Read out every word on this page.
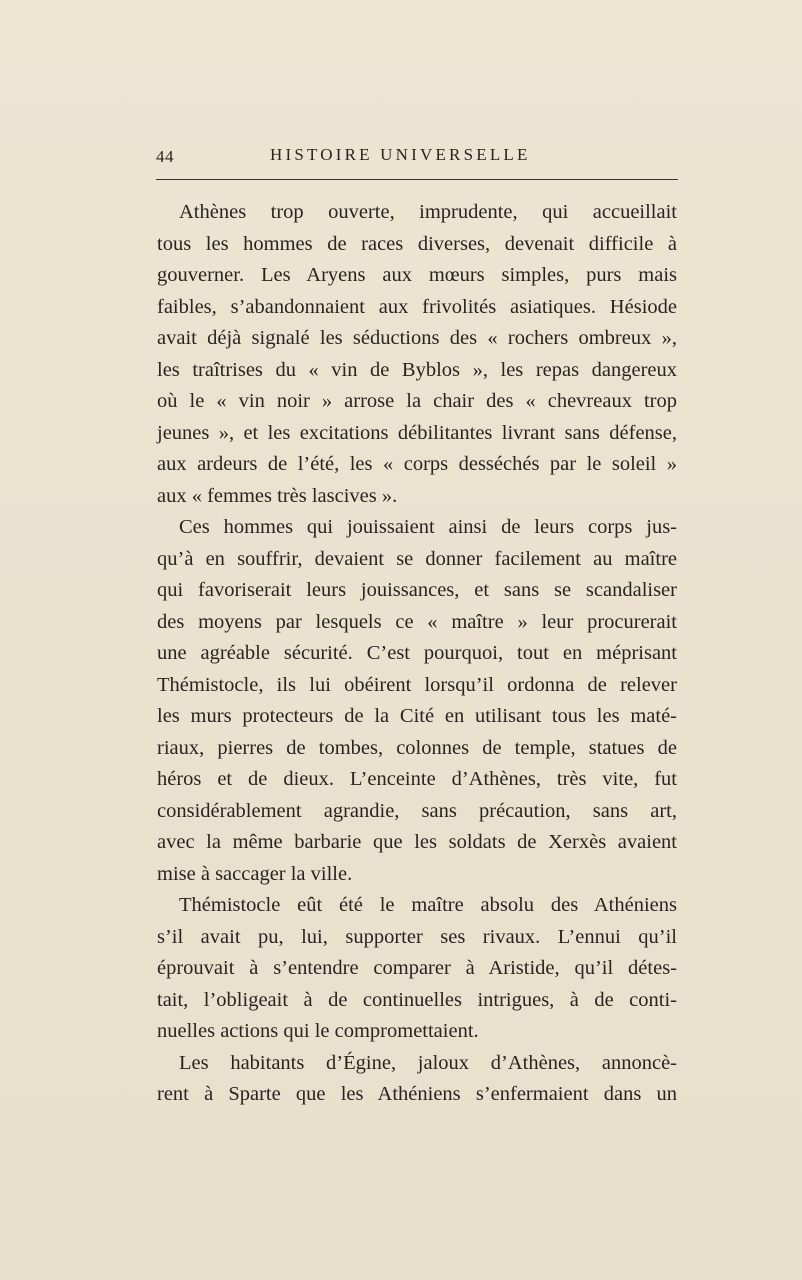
44	HISTOIRE UNIVERSELLE
Athènes trop ouverte, imprudente, qui accueillait
tous les hommes de races diverses, devenait difficile à
gouverner. Les Aryens aux mœurs simples, purs mais
faibles, s’abandonnaient aux frivolités asiatiques. Hésiode
avait déjà signalé les séductions des « rochers ombreux »,
les traîtrises du « vin de Byblos », les repas dangereux
où le « vin noir » arrose la chair des « chevreaux trop
jeunes », et les excitations débilitantes livrant sans défense,
aux ardeurs de l’été, les « corps desséchés par le soleil »
aux « femmes très lascives ».
Ces hommes qui jouissaient ainsi de leurs corps jus-
qu’à en souffrir, devaient se donner facilement au maître
qui favoriserait leurs jouissances, et sans se scandaliser
des moyens par lesquels ce « maître » leur procurerait
une agréable sécurité. C’est pourquoi, tout en méprisant
Thémistocle, ils lui obéirent lorsqu’il ordonna de relever
les murs protecteurs de la Cité en utilisant tous les maté-
riaux, pierres de tombes, colonnes de temple, statues de
héros et de dieux. L’enceinte d’Athènes, très vite, fut
considérablement agrandie, sans précaution, sans art,
avec la même barbarie que les soldats de Xerxès avaient
mise à saccager la ville.
Thémistocle eût été le maître absolu des Athéniens
s’il avait pu, lui, supporter ses rivaux. L’ennui qu’il
éprouvait à s’entendre comparer à Aristide, qu’il détes-
tait, l’obligeait à de continuelles intrigues, à de conti-
nuelles actions qui le compromettaient.
Les habitants d’Égine, jaloux d’Athènes, annoncè-
rent à Sparte que les Athéniens s’enfermaient dans un
